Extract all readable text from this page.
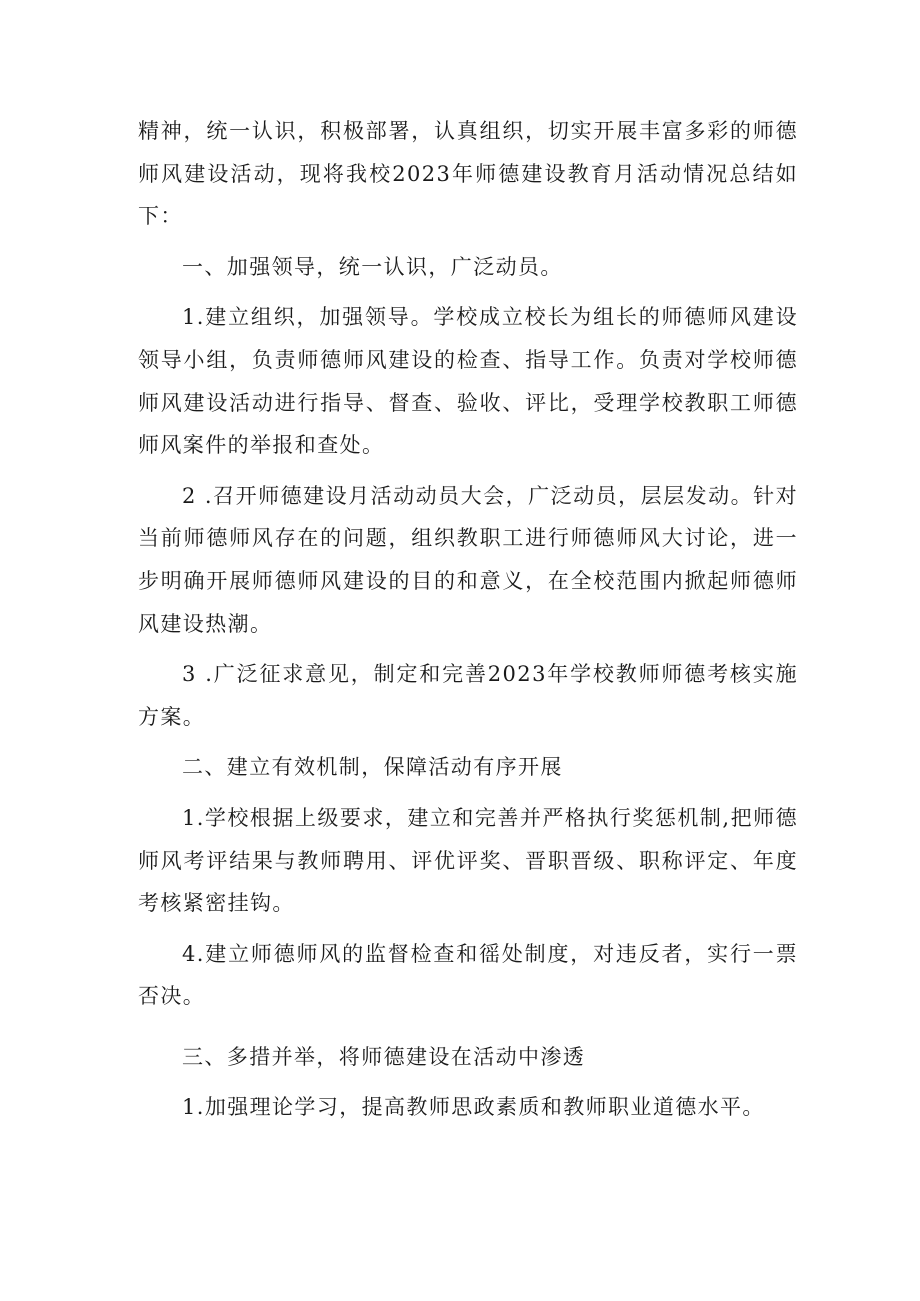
精神，统一认识，积极部署，认真组织，切实开展丰富多彩的师德师风建设活动，现将我校2023年师德建设教育月活动情况总结如下：

一、加强领导，统一认识，广泛动员。

1.建立组织，加强领导。学校成立校长为组长的师德师风建设领导小组，负责师德师风建设的检查、指导工作。负责对学校师德师风建设活动进行指导、督查、验收、评比，受理学校教职工师德师风案件的举报和查处。

2 .召开师德建设月活动动员大会，广泛动员，层层发动。针对当前师德师风存在的问题，组织教职工进行师德师风大讨论，进一步明确开展师德师风建设的目的和意义，在全校范围内掀起师德师风建设热潮。

3 .广泛征求意见，制定和完善2023年学校教师师德考核实施方案。

二、建立有效机制，保障活动有序开展

1.学校根据上级要求，建立和完善并严格执行奖惩机制,把师德师风考评结果与教师聘用、评优评奖、晋职晋级、职称评定、年度考核紧密挂钩。

4.建立师德师风的监督检查和徭处制度，对违反者，实行一票否决。

三、多措并举，将师德建设在活动中渗透

1.加强理论学习，提高教师思政素质和教师职业道德水平。
